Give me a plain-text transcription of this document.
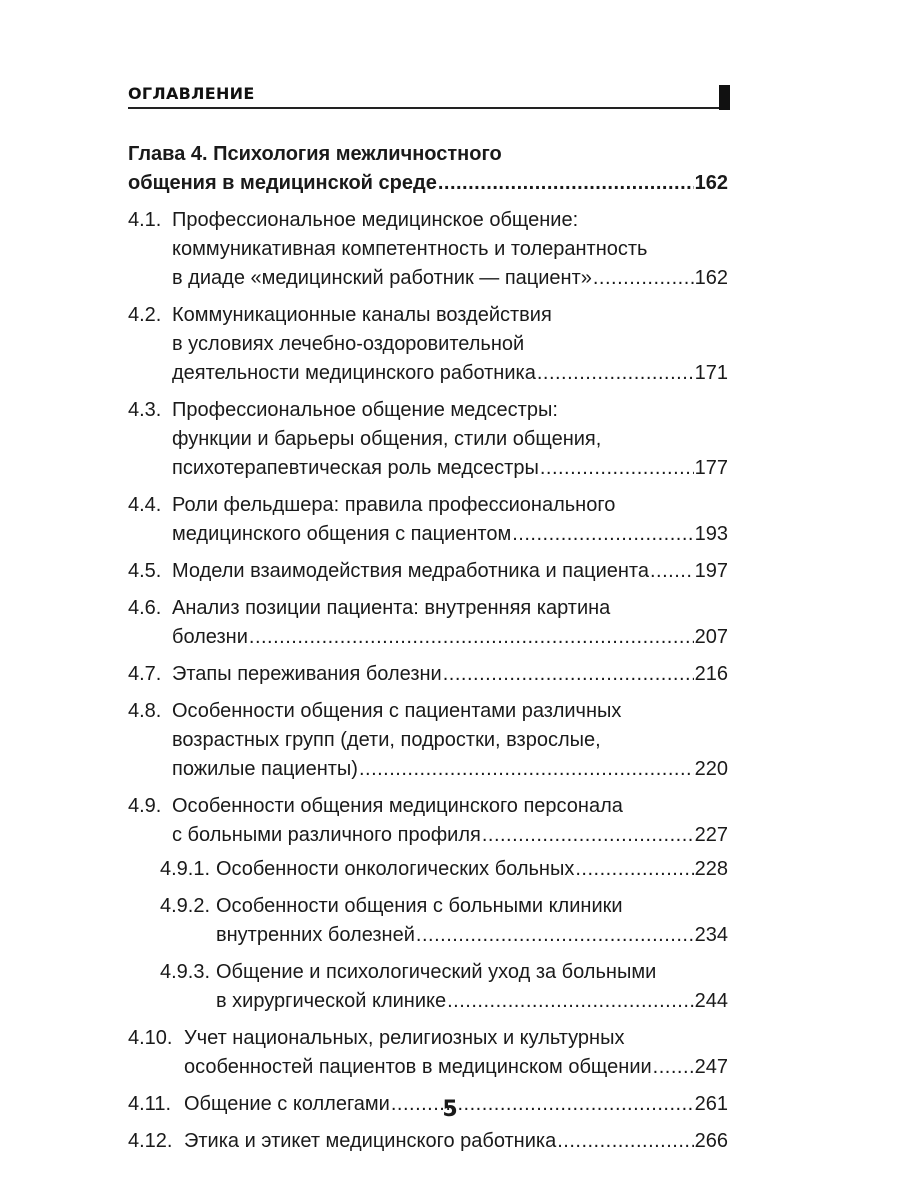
ОГЛАВЛЕНИЕ
Глава 4. Психология межличностного
общения в медицинской среде .....	162
4.1. Профессиональное медицинское общение:
коммуникативная компетентность и толерантность
в диаде «медицинский работник — пациент» .....	162
4.2. Коммуникационные каналы воздействия
в условиях лечебно-оздоровительной
деятельности медицинского работника .....	171
4.3. Профессиональное общение медсестры:
функции и барьеры общения, стили общения,
психотерапевтическая роль медсестры .....	177
4.4. Роли фельдшера: правила профессионального
медицинского общения с пациентом .....	193
4.5. Модели взаимодействия медработника и пациента ..... 197
4.6. Анализ позиции пациента: внутренняя картина
болезни .....	207
4.7. Этапы переживания болезни .....	216
4.8. Особенности общения с пациентами различных
возрастных групп (дети, подростки, взрослые,
пожилые пациенты) .....	220
4.9. Особенности общения медицинского персонала
с больными различного профиля .....	227
4.9.1. Особенности онкологических больных .....	228
4.9.2. Особенности общения с больными клиники
внутренних болезней .....	234
4.9.3. Общение и психологический уход за больными
в хирургической клинике .....	244
4.10. Учет национальных, религиозных и культурных
особенностей пациентов в медицинском общении ..... 247
4.11. Общение с коллегами .....	261
4.12. Этика и этикет медицинского работника .....	266
5
